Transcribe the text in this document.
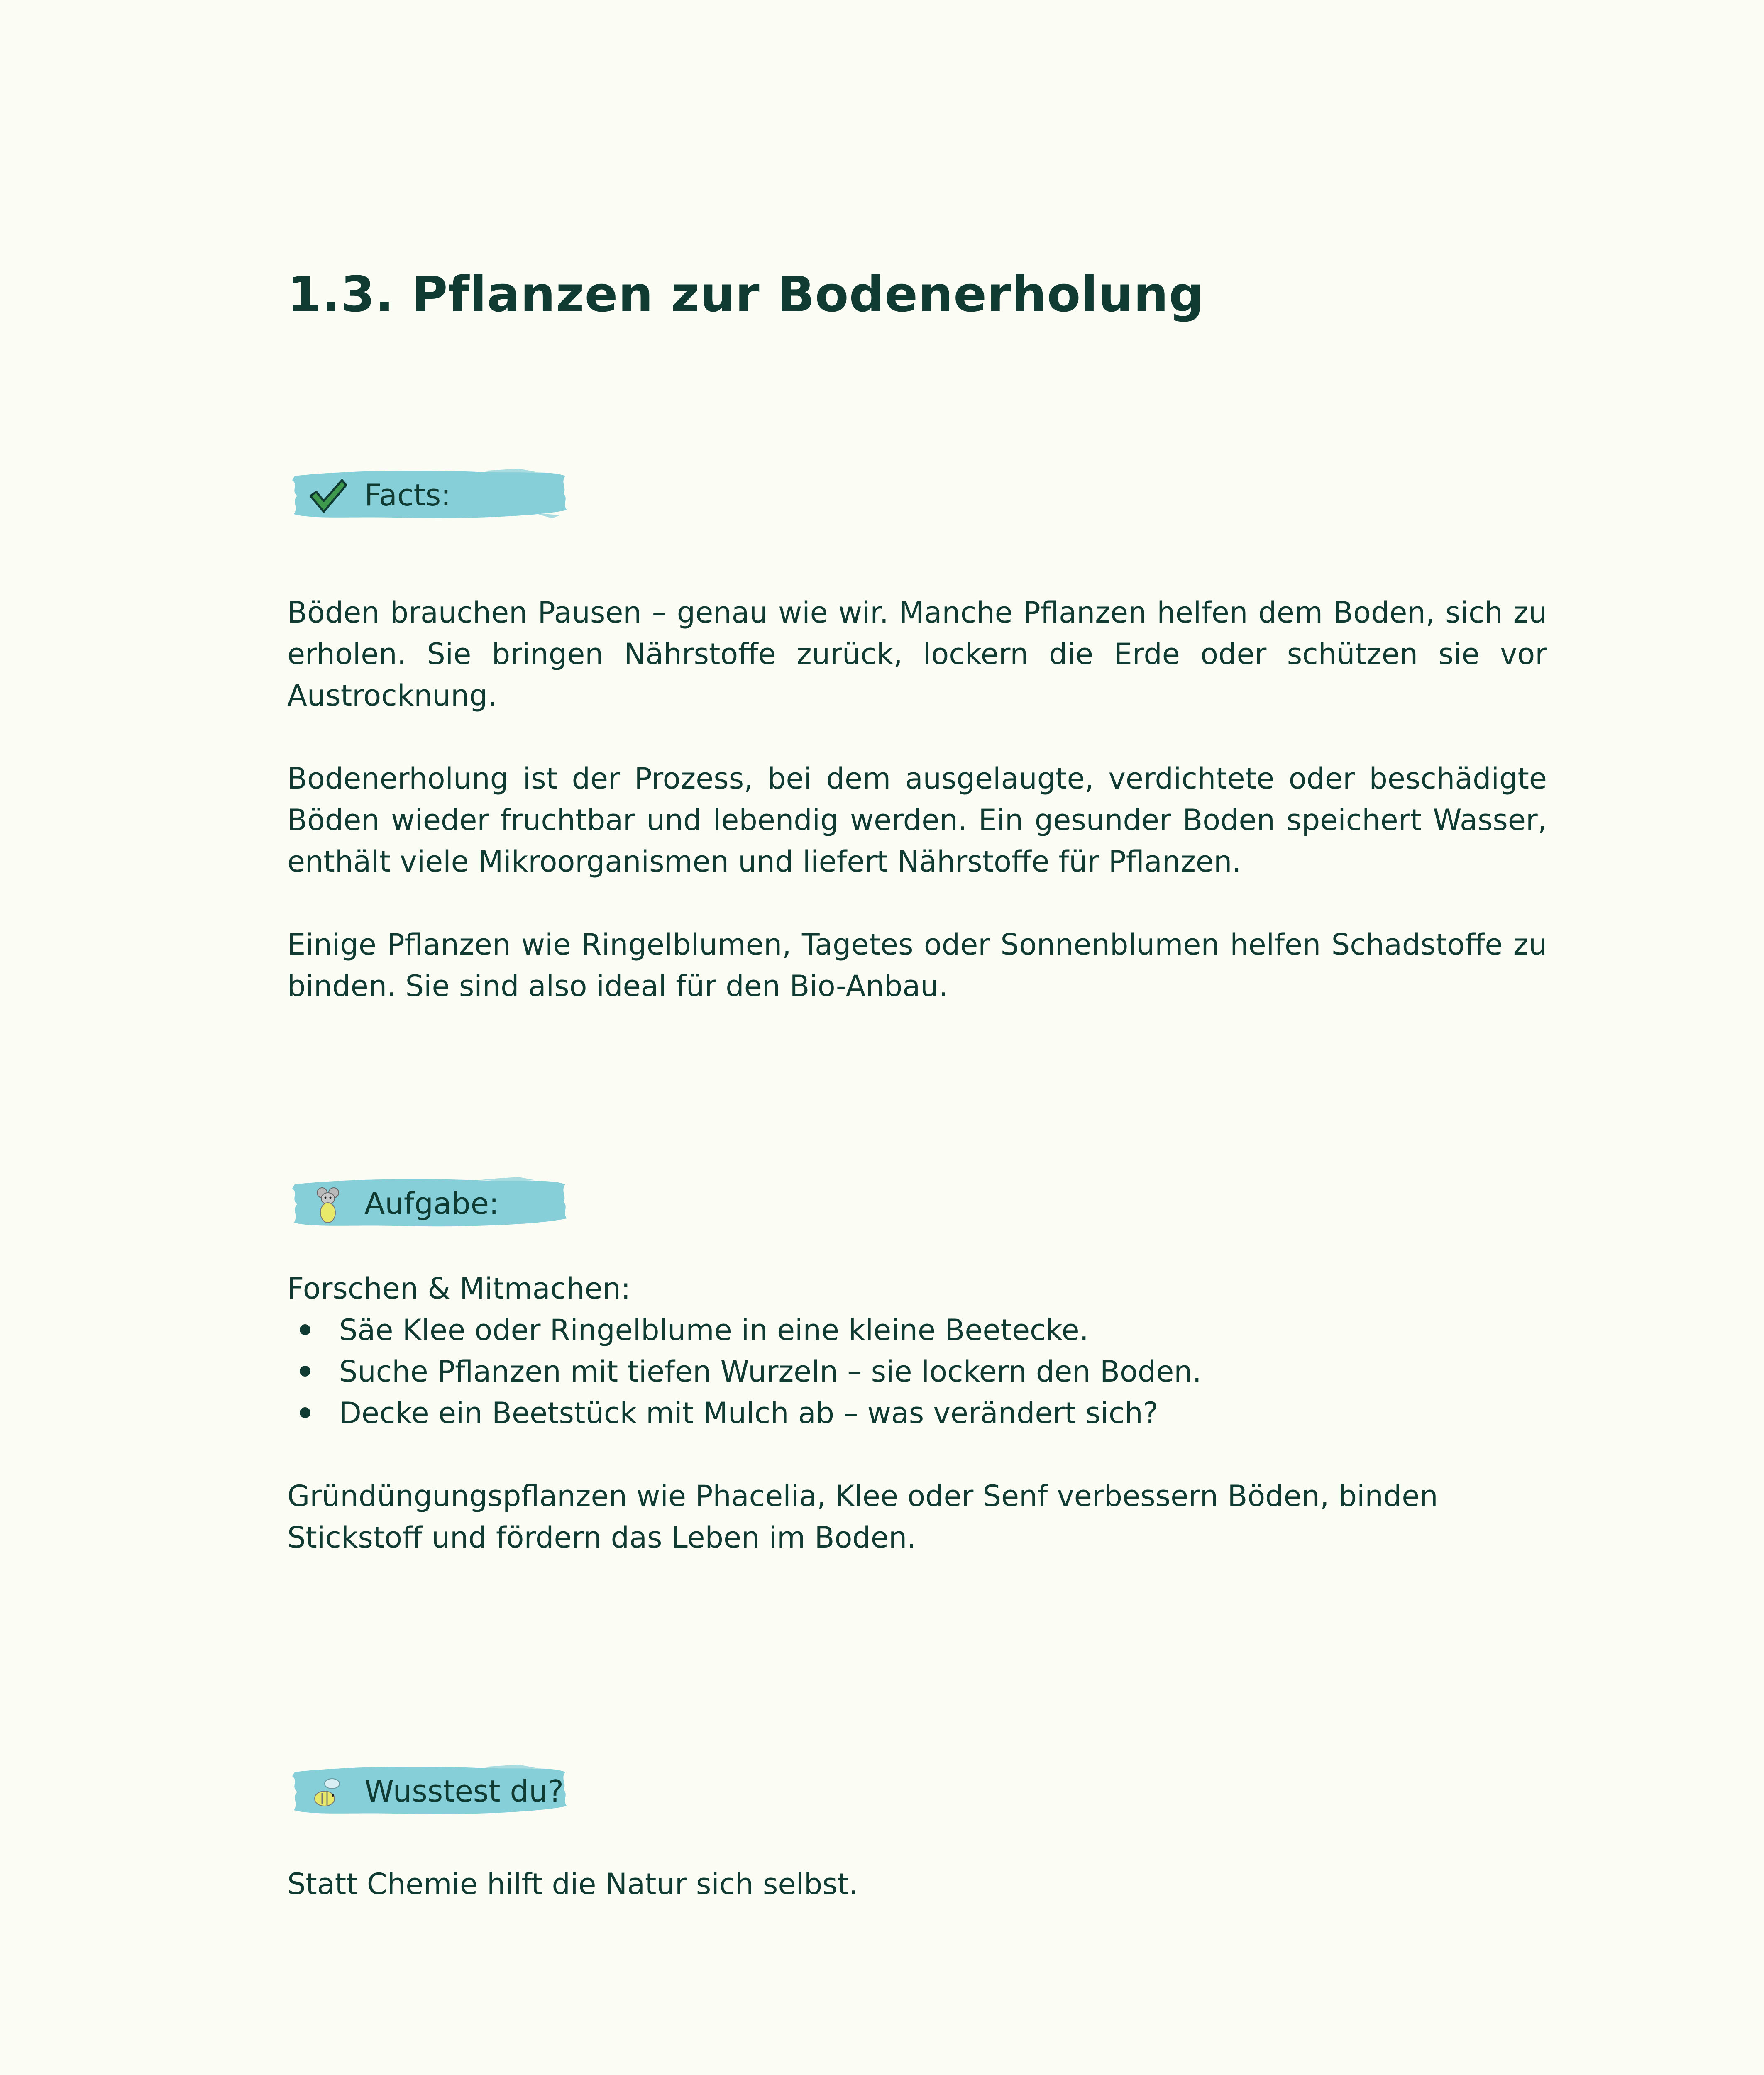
1.3. Pflanzen zur Bodenerholung
Facts:

Böden brauchen Pausen – genau wie wir. Manche Pflanzen helfen dem Boden, sich zu erholen. Sie bringen Nährstoffe zurück, lockern die Erde oder schützen sie vor Austrocknung.

Bodenerholung ist der Prozess, bei dem ausgelaugte, verdichtete oder beschädigte Böden wieder fruchtbar und lebendig werden. Ein gesunder Boden speichert Wasser, enthält viele Mikroorganismen und liefert Nährstoffe für Pflanzen.

Einige Pflanzen wie Ringelblumen, Tagetes oder Sonnenblumen helfen Schadstoffe zu binden. Sie sind also ideal für den Bio-Anbau.

Aufgabe:

Forschen & Mitmachen:

Säe Klee oder Ringelblume in eine kleine Beetecke.
Suche Pflanzen mit tiefen Wurzeln – sie lockern den Boden.
Decke ein Beetstück mit Mulch ab – was verändert sich?

Gründüngungspflanzen wie Phacelia, Klee oder Senf verbessern Böden, binden Stickstoff und fördern das Leben im Boden.

Wusstest du?

Statt Chemie hilft die Natur sich selbst.
